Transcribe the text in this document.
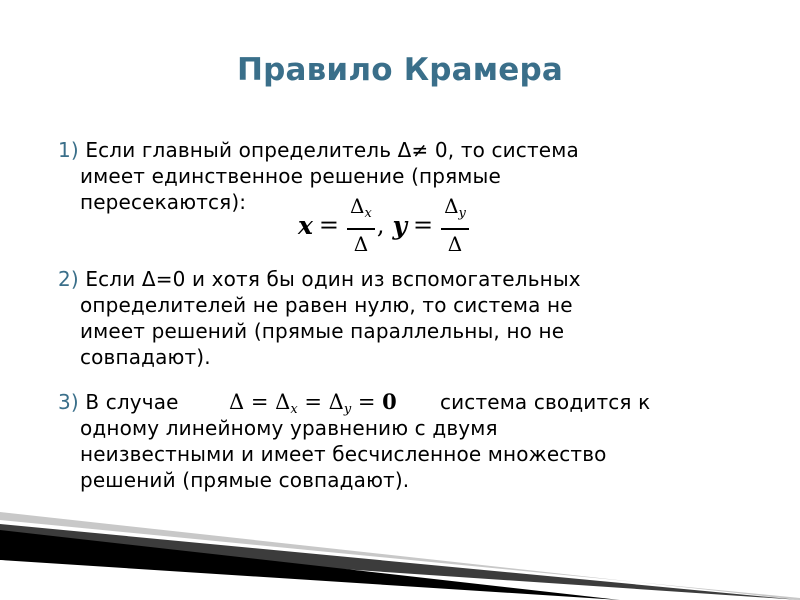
Правило Крамера
1) Если главный определитель Δ≠ 0, то система
имеет единственное решение (прямые
пересекаются):
$x = \frac{\Delta_x}{\Delta}$ , $y = \frac{\Delta_y}{\Delta}$
2) Если Δ=0 и хотя бы один из вспомогательных
определителей не равен нулю, то система не
имеет решений (прямые параллельны, но не
совпадают).
3) В случае
одному линейному уравнению с двумя
неизвестными и имеет бесчисленное множество
решений (прямые совпадают).
$\Delta = \Delta_x = \Delta_y = 0$ система сводится к
